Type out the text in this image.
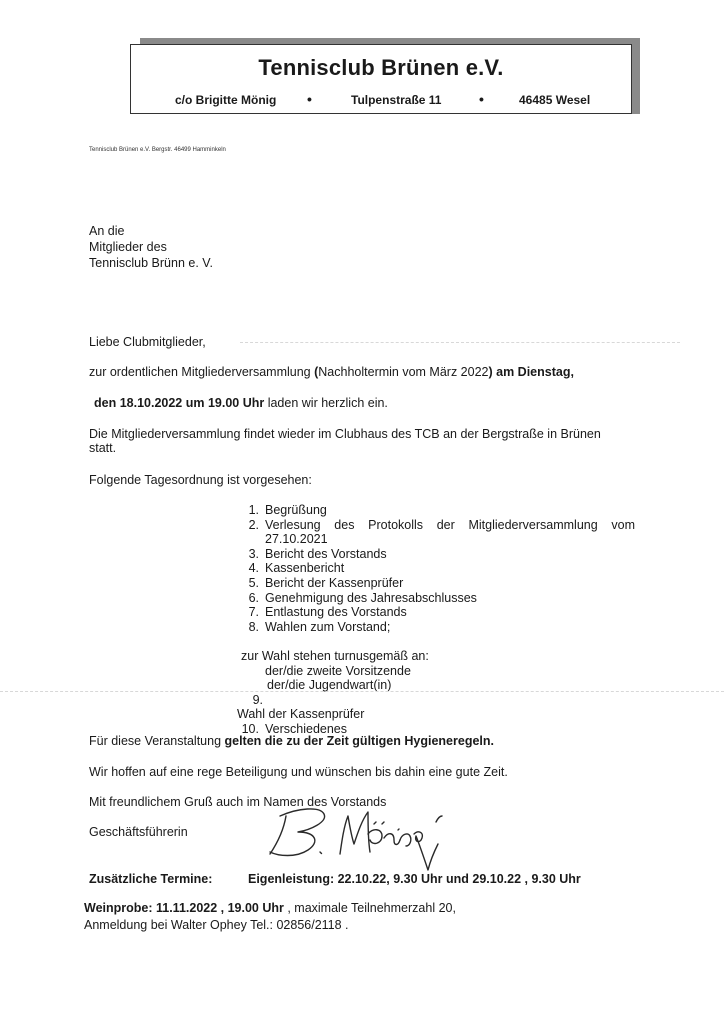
Tennisclub Brünen e.V.
c/o Brigitte Mönig •	Tulpenstraße 11	•	46485 Wesel
Tennisclub Brünen e.V. Bergstr. 46499 Hamminkeln
An die
Mitglieder des
Tennisclub Brünn e. V.
Liebe Clubmitglieder,
zur ordentlichen Mitgliederversammlung (Nachholtermin vom März 2022) am Dienstag,
den 18.10.2022 um 19.00 Uhr laden wir herzlich ein.
Die Mitgliederversammlung findet wieder im Clubhaus des TCB an der Bergstraße in Brünen
statt.
Folgende Tagesordnung ist vorgesehen:
1. Begrüßung
2. Verlesung des Protokolls der Mitgliederversammlung vom
27.10.2021
3. Bericht des Vorstands
4. Kassenbericht
5. Bericht der Kassenprüfer
6. Genehmigung des Jahresabschlusses
7. Entlastung des Vorstands
8. Wahlen zum Vorstand;
zur Wahl stehen turnusgemäß an:
der/die zweite Vorsitzende
der/die Jugendwart(in)
9.Wahl der Kassenprüfer
10. Verschiedenes
Für diese Veranstaltung gelten die zu der Zeit gültigen Hygieneregeln.
Wir hoffen auf eine rege Beteiligung und wünschen bis dahin eine gute Zeit.
Mit freundlichem Gruß auch im Namen des Vorstands
Geschäftsführerin
Zusätzliche Termine:	Eigenleistung: 22.10.22, 9.30 Uhr und 29.10.22 , 9.30 Uhr
Weinprobe: 11.11.2022 , 19.00 Uhr , maximale Teilnehmerzahl 20,
Anmeldung bei Walter Ophey Tel.: 02856/2118 .
